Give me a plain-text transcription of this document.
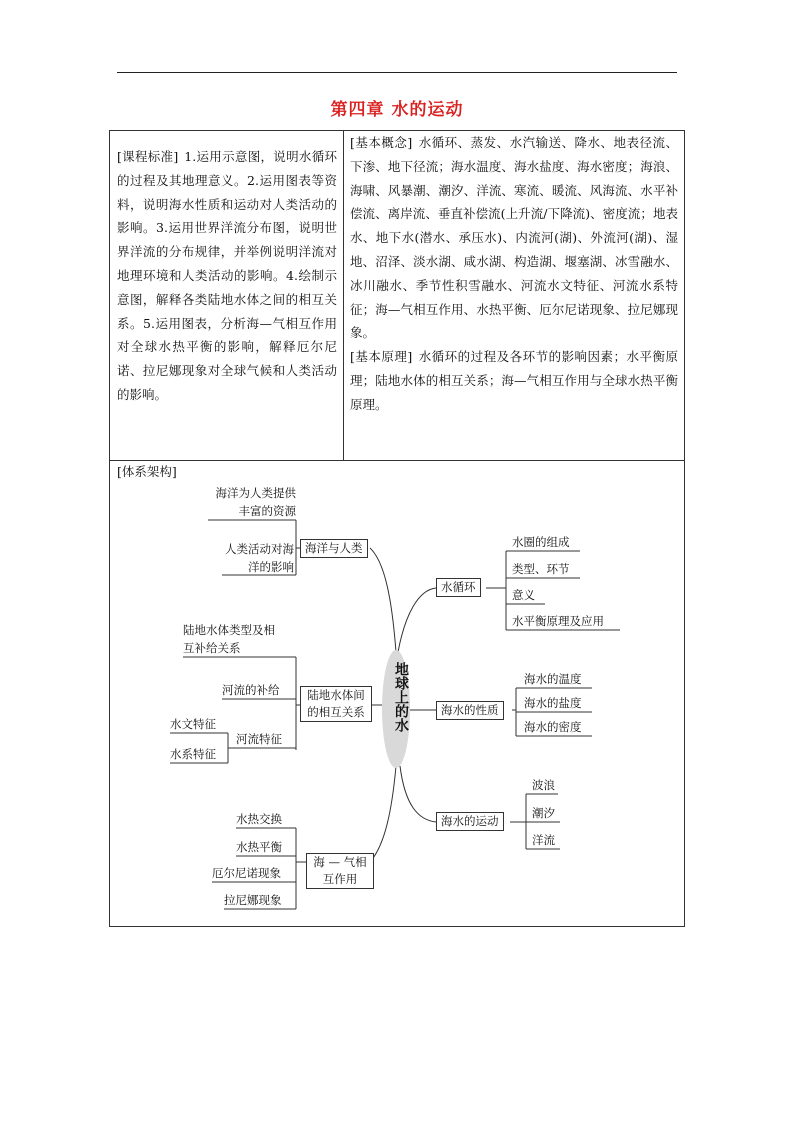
第四章 水的运动

[课程标准] 1.运用示意图，说明水循环的过程及其地理意义。2.运用图表等资料，说明海水性质和运动对人类活动的影响。3.运用世界洋流分布图，说明世界洋流的分布规律，并举例说明洋流对地理环境和人类活动的影响。4.绘制示意图，解释各类陆地水体之间的相互关系。5.运用图表，分析海—气相互作用对全球水热平衡的影响，解释厄尔尼诺、拉尼娜现象对全球气候和人类活动的影响。

[基本概念] 水循环、蒸发、水汽输送、降水、地表径流、下渗、地下径流；海水温度、海水盐度、海水密度；海浪、海啸、风暴潮、潮汐、洋流、寒流、暖流、风海流、水平补偿流、离岸流、垂直补偿流(上升流/下降流)、密度流；地表水、地下水(潜水、承压水)、内流河(湖)、外流河(湖)、湿地、沼泽、淡水湖、咸水湖、构造湖、堰塞湖、冰雪融水、冰川融水、季节性积雪融水、河流水文特征、河流水系特征；海—气相互作用、水热平衡、厄尔尼诺现象、拉尼娜现象。

[基本原理] 水循环的过程及各环节的影响因素；水平衡原理；陆地水体的相互关系；海—气相互作用与全球水热平衡原理。

[体系架构]
地球上的水
海洋与人类
陆地水体间的相互关系
海 — 气相互作用
海洋为人类提供丰富的资源
人类活动对海洋的影响
陆地水体类型及相互补给关系
河流的补给
河流特征
水文特征
水系特征
水热交换
水热平衡
厄尔尼诺现象
拉尼娜现象
水循环
海水的性质
海水的运动
水圈的组成
类型、环节
意义
水平衡原理及应用
海水的温度
海水的盐度
海水的密度
波浪
潮汐
洋流
